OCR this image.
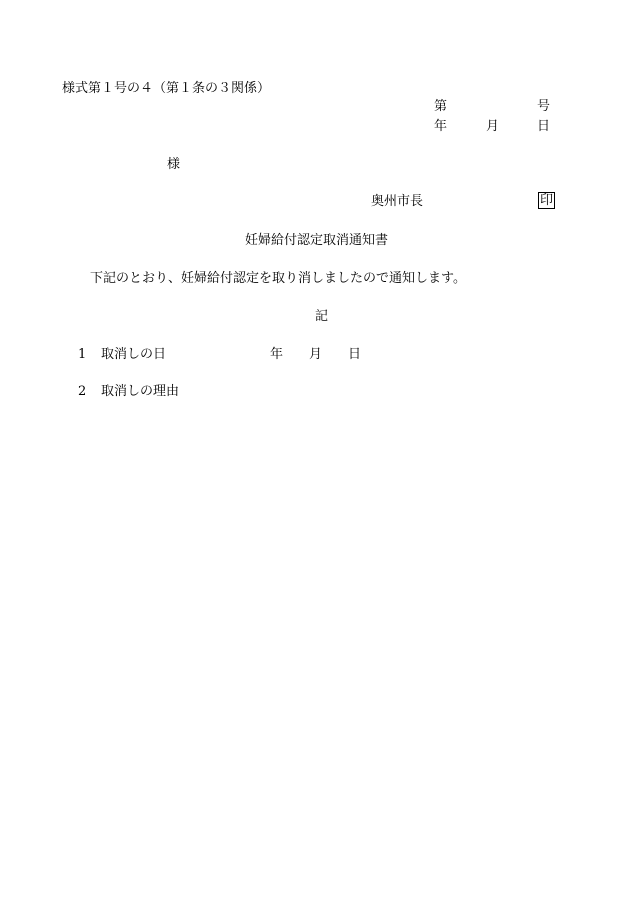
様式第１号の４（第１条の３関係）
第	号
年	月	日
様
奥州市長	印
妊婦給付認定取消通知書
下記のとおり、妊婦給付認定を取り消しましたので通知します。
記
1 取消しの日	年 月 日
2 取消しの理由
